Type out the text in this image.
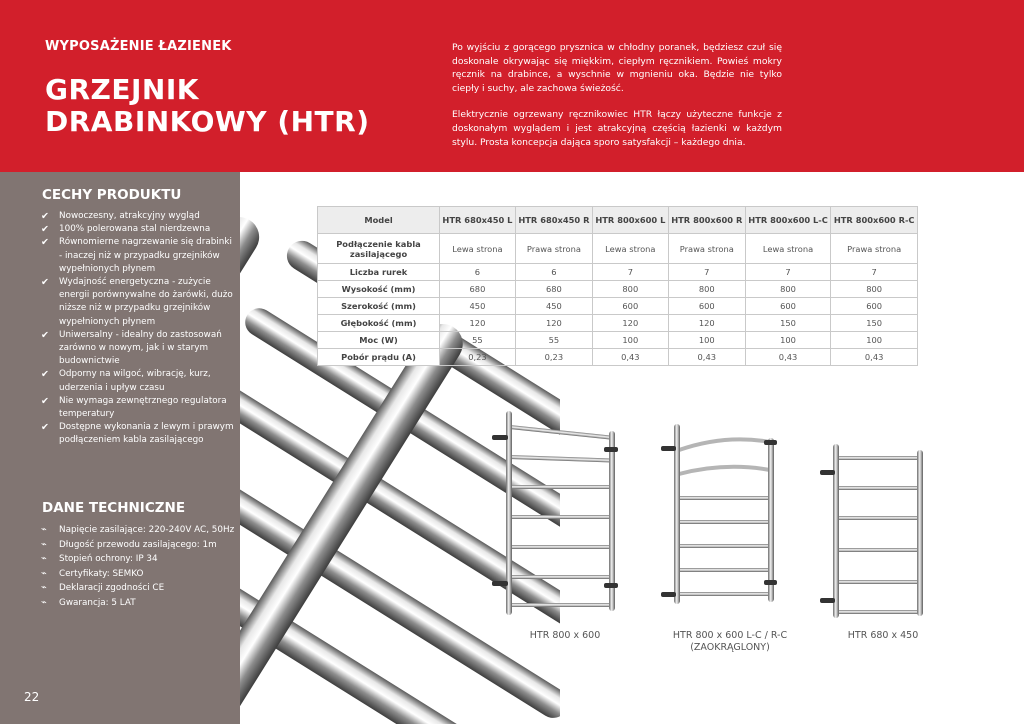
WYPOSAŻENIE ŁAZIENEK
GRZEJNIK
DRABINKOWY (HTR)

Po wyjściu z gorącego prysznica w chłodny poranek, będziesz czuł się doskonale okrywając się miękkim, ciepłym ręcznikiem. Powieś mokry ręcznik na drabince, a wyschnie w mgnieniu oka. Będzie nie tylko ciepły i suchy, ale zachowa świeżość.

Elektrycznie ogrzewany ręcznikowiec HTR łączy użyteczne funkcje z doskonałym wyglądem i jest atrakcyjną częścią łazienki w każdym stylu. Prosta koncepcja dająca sporo satysfakcji – każdego dnia.

CECHY PRODUKTU
✔ Nowoczesny, atrakcyjny wygląd
✔ 100% polerowana stal nierdzewna
✔ Równomierne nagrzewanie się drabinki - inaczej niż w przypadku grzejników wypełnionych płynem
✔ Wydajność energetyczna - zużycie energii porównywalne do żarówki, dużo niższe niż w przypadku grzejników wypełnionych płynem
✔ Uniwersalny - idealny do zastosowań zarówno w nowym, jak i w starym budownictwie
✔ Odporny na wilgoć, wibrację, kurz, uderzenia i upływ czasu
✔ Nie wymaga zewnętrznego regulatora temperatury
✔ Dostępne wykonania z lewym i prawym podłączeniem kabla zasilającego
DANE TECHNICZNE
⌁ Napięcie zasilające: 220-240V AC, 50Hz
⌁ Długość przewodu zasilającego: 1m
⌁ Stopień ochrony: IP 34
⌁ Certyfikaty: SEMKO
⌁ Deklaracji zgodności CE
⌁ Gwarancja: 5 LAT
22
Model	HTR 680x450 L	HTR 680x450 R	HTR 800x600 L	HTR 800x600 R	HTR 800x600 L-C	HTR 800x600 R-C
Podłączenie kabla zasilającego	Lewa strona	Prawa strona	Lewa strona	Prawa strona	Lewa strona	Prawa strona
Liczba rurek	6	6	7	7	7	7
Wysokość (mm)	680	680	800	800	800	800
Szerokość (mm)	450	450	600	600	600	600
Głębokość (mm)	120	120	120	120	150	150
Moc (W)	55	55	100	100	100	100
Pobór prądu (A)	0,23	0,23	0,43	0,43	0,43	0,43
HTR 800 x 600	HTR 800 x 600 L-C / R-C
(ZAOKRĄGLONY)
HTR 680 x 450
